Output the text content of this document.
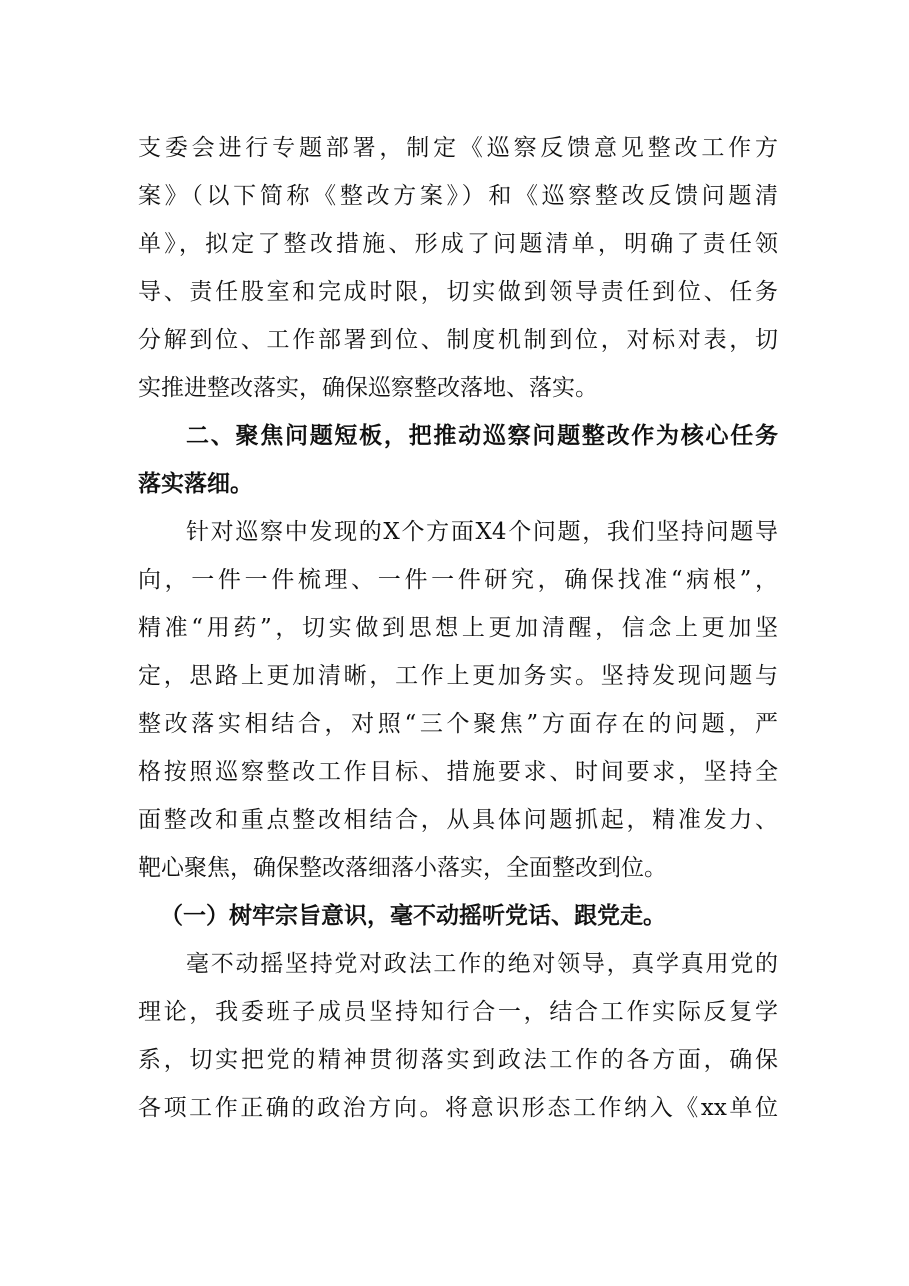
支委会进行专题部署，制定《巡察反馈意见整改工作方
案》（以下简称《整改方案》）和《巡察整改反馈问题清
单》，拟定了整改措施、形成了问题清单，明确了责任领
导、责任股室和完成时限，切实做到领导责任到位、任务
分解到位、工作部署到位、制度机制到位，对标对表，切
实推进整改落实，确保巡察整改落地、落实。
二、聚焦问题短板，把推动巡察问题整改作为核心任务
落实落细。
针对巡察中发现的X个方面X4个问题，我们坚持问题导
向，一件一件梳理、一件一件研究，确保找准“病根”，
精准“用药”，切实做到思想上更加清醒，信念上更加坚
定，思路上更加清晰，工作上更加务实。坚持发现问题与
整改落实相结合，对照“三个聚焦”方面存在的问题，严
格按照巡察整改工作目标、措施要求、时间要求，坚持全
面整改和重点整改相结合，从具体问题抓起，精准发力、
靶心聚焦，确保整改落细落小落实，全面整改到位。
（一）树牢宗旨意识，毫不动摇听党话、跟党走。
毫不动摇坚持党对政法工作的绝对领导，真学真用党的
理论，我委班子成员坚持知行合一，结合工作实际反复学
系，切实把党的精神贯彻落实到政法工作的各方面，确保
各项工作正确的政治方向。将意识形态工作纳入《xx单位
